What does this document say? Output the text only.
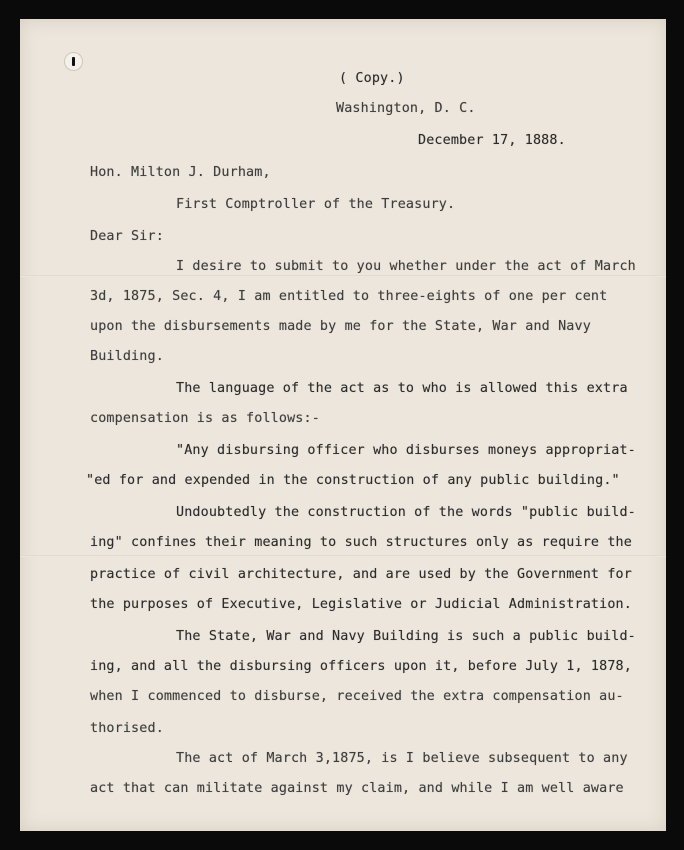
( Copy.)
Washington, D. C.
December 17, 1888.
Hon. Milton J. Durham,
First Comptroller of the Treasury.
Dear Sir:
I desire to submit to you whether under the act of March
3d, 1875, Sec. 4, I am entitled to three-eights of one per cent
upon the disbursements made by me for the State, War and Navy
Building.
The language of the act as to who is allowed this extra
compensation is as follows:-
"Any disbursing officer who disburses moneys appropriat-
"ed for and expended in the construction of any public building."
Undoubtedly the construction of the words "public build-
ing" confines their meaning to such structures only as require the
practice of civil architecture, and are used by the Government for
the purposes of Executive, Legislative or Judicial Administration.
The State, War and Navy Building is such a public build-
ing, and all the disbursing officers upon it, before July 1, 1878,
when I commenced to disburse, received the extra compensation au-
thorised.
The act of March 3,1875, is I believe subsequent to any
act that can militate against my claim, and while I am well aware
